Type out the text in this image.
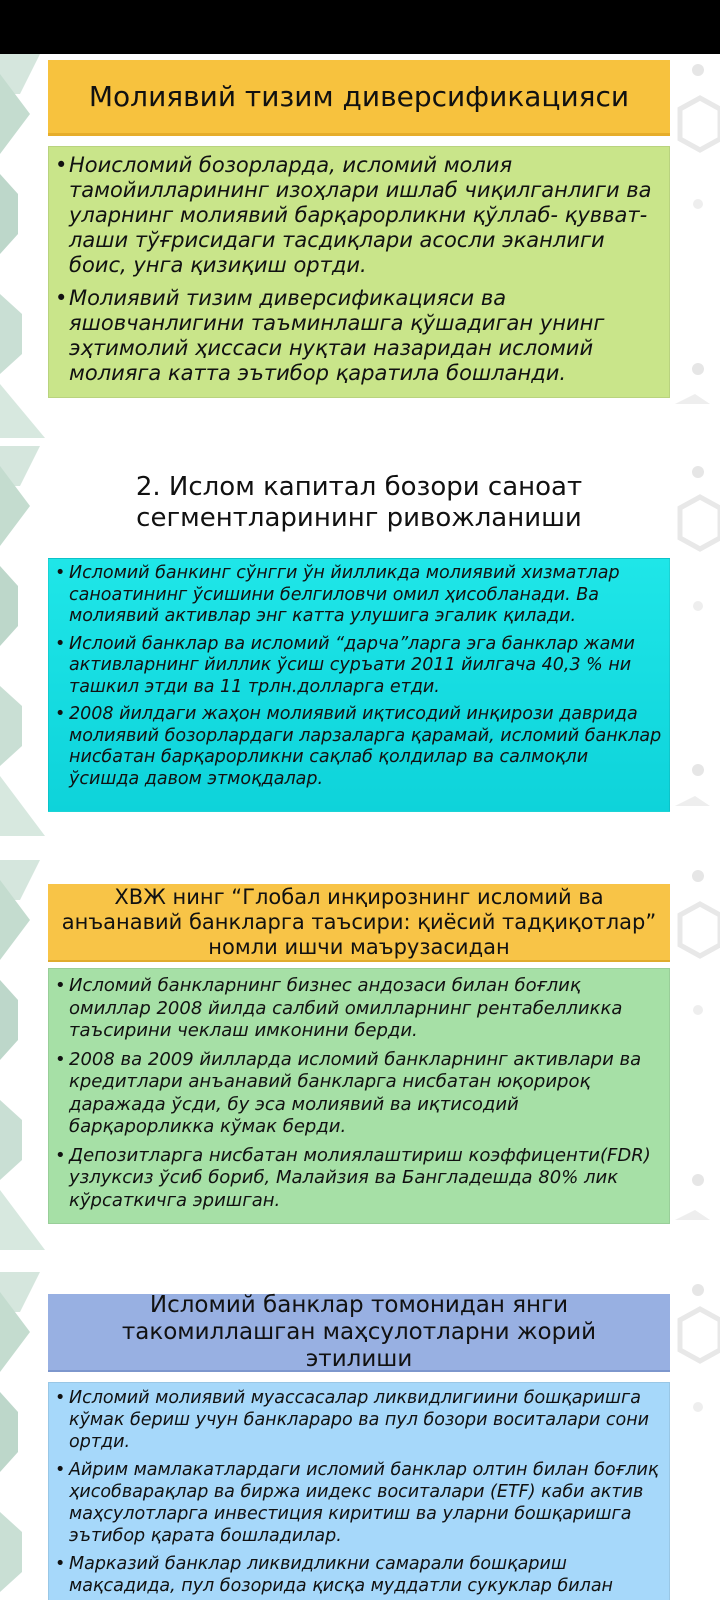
Молиявий тизим диверсификацияси
• Ноисломий бозорларда, исломий молия тамойилларининг изоҳлари ишлаб чиқилганлиги ва уларнинг молиявий барқарорликни қўллаб- қувват-лаши тўғрисидаги тасдиқлари асосли эканлиги боис, унга қизиқиш ортди.
• Молиявий тизим диверсификацияси ва яшовчанлигини таъминлашга қўшадиган унинг эҳтимолий ҳиссаси нуқтаи назаридан исломий молияга катта эътибор қаратила бошланди.
2. Ислом капитал бозори саноат
сегментларининг ривожланиши
• Исломий банкинг сўнгги ўн йилликда молиявий хизматлар саноатининг ўсишини белгиловчи омил ҳисобланади. Ва молиявий активлар энг катта улушига эгалик қилади.
• Ислоий банклар ва исломий “дарча”ларга эга банклар жами активларнинг йиллик ўсиш суръати 2011 йилгача 40,3 % ни ташкил этди ва 11 трлн.долларга етди.
• 2008 йилдаги жаҳон молиявий иқтисодий инқирози даврида молиявий бозорлардаги ларзаларга қарамай, исломий банклар нисбатан барқарорликни сақлаб қолдилар ва салмоқли ўсишда давом этмоқдалар.
ХВЖ нинг “Глобал инқирознинг исломий ва
анъанавий банкларга таъсири: қиёсий тадқиқотлар”
номли ишчи маърузасидан
• Исломий банкларнинг бизнес андозаси билан боғлиқ омиллар 2008 йилда салбий омилларнинг рентабелликка таъсирини чеклаш имконини берди.
• 2008 ва 2009 йилларда исломий банкларнинг активлари ва кредитлари анъанавий банкларга нисбатан юқорироқ даражада ўсди, бу эса молиявий ва иқтисодий барқарорликка кўмак берди.
• Депозитларга нисбатан молиялаштириш коэффиценти(FDR) узлуксиз ўсиб бориб, Малайзия ва Бангладешда 80% лик кўрсаткичга эришган.
Исломий банклар томонидан янги
такомиллашган маҳсулотларни жорий
этилиши
• Исломий молиявий муассасалар ликвидлигиини бошқаришга кўмак бериш учун банклараро ва пул бозори воситалари сони ортди.
• Айрим мамлакатлардаги исломий банклар олтин билан боғлиқ ҳисобварақлар ва биржа иидекс воситалари (ETF) каби актив маҳсулотларга инвестиция киритиш ва уларни бошқаришга эътибор қарата бошладилар.
• Марказий банклар ликвидликни самарали бошқариш мақсадида, пул бозорида қисқа муддатли сукуклар билан
